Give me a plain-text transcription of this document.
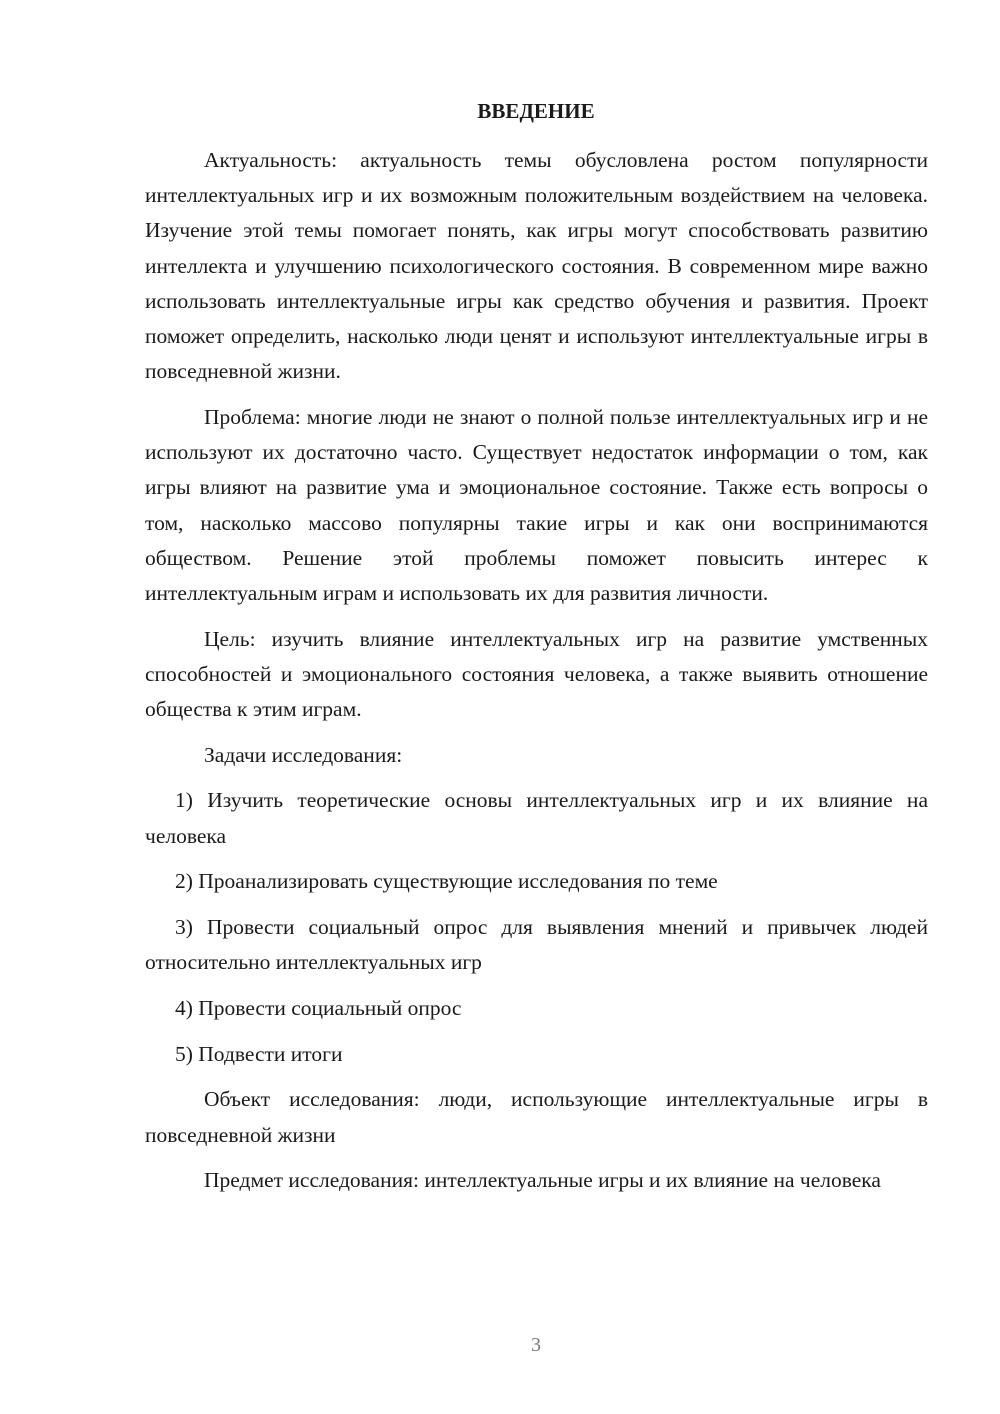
ВВЕДЕНИЕ

Актуальность: актуальность темы обусловлена ростом популярности интеллектуальных игр и их возможным положительным воздействием на человека. Изучение этой темы помогает понять, как игры могут способствовать развитию интеллекта и улучшению психологического состояния. В современном мире важно использовать интеллектуальные игры как средство обучения и развития. Проект поможет определить, насколько люди ценят и используют интеллектуальные игры в повседневной жизни.

Проблема: многие люди не знают о полной пользе интеллектуальных игр и не используют их достаточно часто. Существует недостаток информации о том, как игры влияют на развитие ума и эмоциональное состояние. Также есть вопросы о том, насколько массово популярны такие игры и как они воспринимаются обществом. Решение этой проблемы поможет повысить интерес к интеллектуальным играм и использовать их для развития личности.

Цель: изучить влияние интеллектуальных игр на развитие умственных способностей и эмоционального состояния человека, а также выявить отношение общества к этим играм.

Задачи исследования:

1) Изучить теоретические основы интеллектуальных игр и их влияние на человека

2) Проанализировать существующие исследования по теме

3) Провести социальный опрос для выявления мнений и привычек людей относительно интеллектуальных игр

4) Провести социальный опрос

5) Подвести итоги

Объект исследования: люди, использующие интеллектуальные игры в повседневной жизни

Предмет исследования: интеллектуальные игры и их влияние на человека

3
